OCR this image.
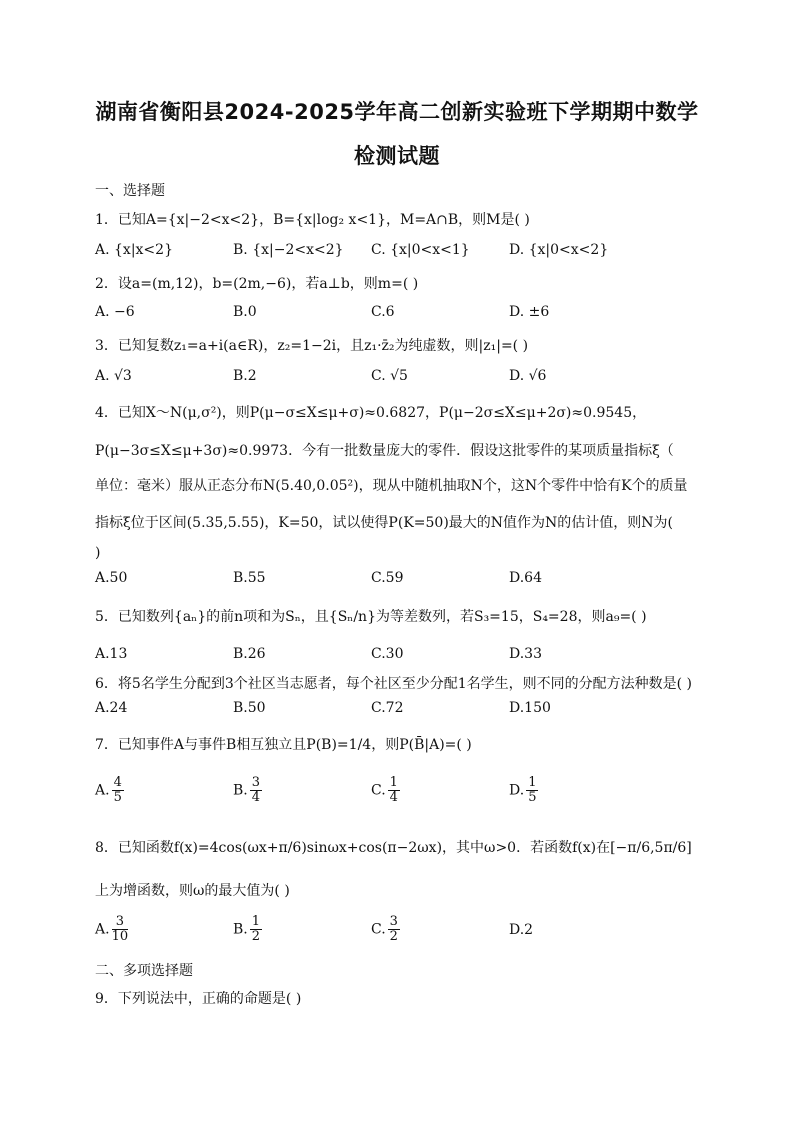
湖南省衡阳县2024-2025学年高二创新实验班下学期期中数学
检测试题
一、选择题
1．已知A={x|−2<x<2}，B={x|log₂ x<1}，M=A∩B，则M是( )
A. {x|x<2}	B. {x|−2<x<2} C. {x|0<x<1}	D. {x|0<x<2}
2．设a=(m,12)，b=(2m,−6)，若a⊥b，则m=( )
A. −6	B.0	C.6	D. ±6
3．已知复数z₁=a+i(a∈R)，z₂=1−2i，且z₁·z̄₂为纯虚数，则|z₁|=( )
A. √3	B.2	C. √5	D. √6
4．已知X～N(μ,σ²)，则P(μ−σ≤X≤μ+σ)≈0.6827，P(μ−2σ≤X≤μ+2σ)≈0.9545，
P(μ−3σ≤X≤μ+3σ)≈0.9973．今有一批数量庞大的零件．假设这批零件的某项质量指标ξ（
单位：毫米）服从正态分布N(5.40,0.05²)，现从中随机抽取N个，这N个零件中恰有K个的质量
指标ξ位于区间(5.35,5.55)，K=50，试以使得P(K=50)最大的N值作为N的估计值，则N为(
)
A.50	B.55	C.59	D.64
5．已知数列{aₙ}的前n项和为Sₙ，且{Sₙ/n}为等差数列，若S₃=15，S₄=28，则a₉=( )
A.13	B.26	C.30	D.33
6．将5名学生分配到3个社区当志愿者，每个社区至少分配1名学生，则不同的分配方法种数是( )
A.24	B.50	C.72	D.150
7．已知事件A与事件B相互独立且P(B)=1/4，则P(B̄|A)=( )
A. $\frac{4}{5}$	B. $\frac{3}{4}$	C. $\frac{1}{4}$	D. $\frac{1}{5}$
8．已知函数f(x)=4cos(ωx+π/6)sinωx+cos(π−2ωx)，其中ω>0．若函数f(x)在[−π/6,5π/6]
上为增函数，则ω的最大值为( )
A. $\frac{3}{10}$	B. $\frac{1}{2}$	C. $\frac{3}{2}$	D.2
二、多项选择题
9．下列说法中，正确的命题是( )
